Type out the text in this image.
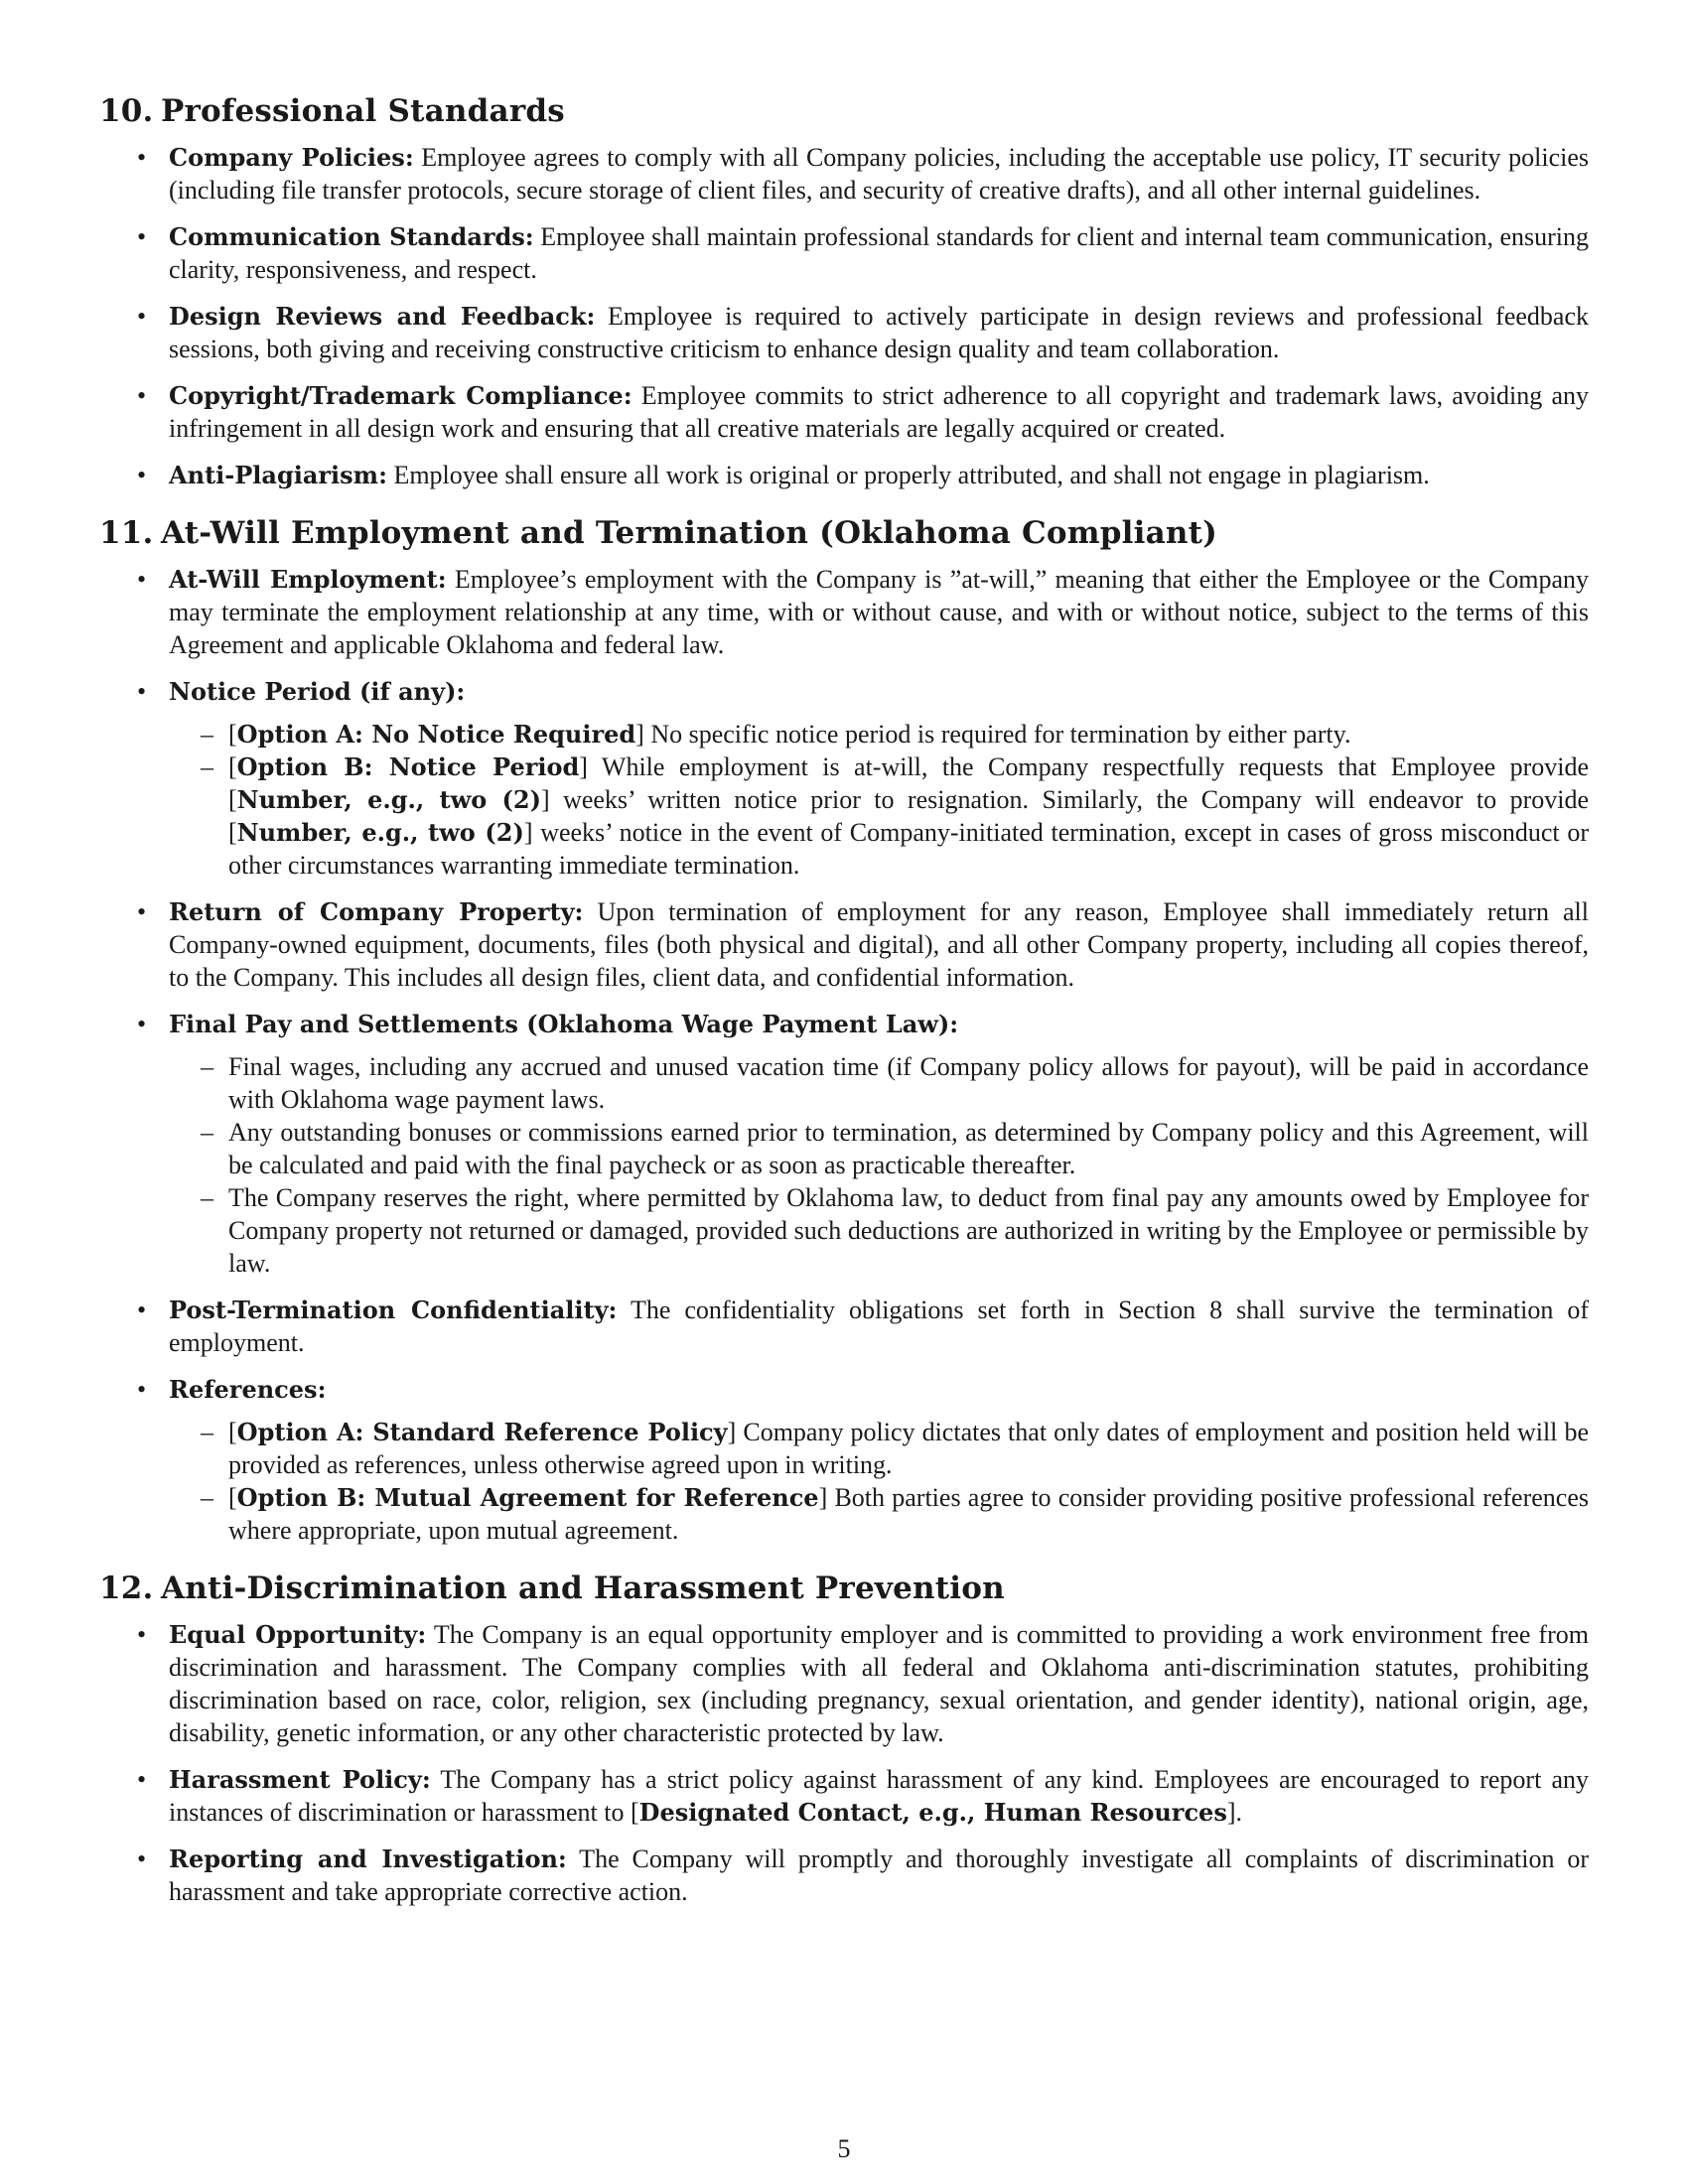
10. Professional Standards
• Company Policies: Employee agrees to comply with all Company policies, including the acceptable use policy, IT security policies (including file transfer protocols, secure storage of client files, and security of creative drafts), and all other internal guidelines.
• Communication Standards: Employee shall maintain professional standards for client and internal team communication, ensuring clarity, responsiveness, and respect.
• Design Reviews and Feedback: Employee is required to actively participate in design reviews and professional feedback sessions, both giving and receiving constructive criticism to enhance design quality and team collaboration.
• Copyright/Trademark Compliance: Employee commits to strict adherence to all copyright and trademark laws, avoiding any infringement in all design work and ensuring that all creative materials are legally acquired or created.
• Anti-Plagiarism: Employee shall ensure all work is original or properly attributed, and shall not engage in plagiarism.
11. At-Will Employment and Termination (Oklahoma Compliant)
• At-Will Employment: Employee’s employment with the Company is ”at-will,” meaning that either the Employee or the Company may terminate the employment relationship at any time, with or without cause, and with or without notice, subject to the terms of this Agreement and applicable Oklahoma and federal law.
• Notice Period (if any):
– [Option A: No Notice Required] No specific notice period is required for termination by either party.
– [Option B: Notice Period] While employment is at-will, the Company respectfully requests that Employee provide [Number, e.g., two (2)] weeks’ written notice prior to resignation. Similarly, the Company will endeavor to provide [Number, e.g., two (2)] weeks’ notice in the event of Company-initiated termination, except in cases of gross misconduct or other circumstances warranting immediate termination.
• Return of Company Property: Upon termination of employment for any reason, Employee shall immediately return all Company-owned equipment, documents, files (both physical and digital), and all other Company property, including all copies thereof, to the Company. This includes all design files, client data, and confidential information.
• Final Pay and Settlements (Oklahoma Wage Payment Law):
– Final wages, including any accrued and unused vacation time (if Company policy allows for payout), will be paid in accordance with Oklahoma wage payment laws.
– Any outstanding bonuses or commissions earned prior to termination, as determined by Company policy and this Agreement, will be calculated and paid with the final paycheck or as soon as practicable thereafter.
– The Company reserves the right, where permitted by Oklahoma law, to deduct from final pay any amounts owed by Employee for Company property not returned or damaged, provided such deductions are authorized in writing by the Employee or permissible by law.
• Post-Termination Confidentiality: The confidentiality obligations set forth in Section 8 shall survive the termination of employment.
• References:
– [Option A: Standard Reference Policy] Company policy dictates that only dates of employment and position held will be provided as references, unless otherwise agreed upon in writing.
– [Option B: Mutual Agreement for Reference] Both parties agree to consider providing positive professional references where appropriate, upon mutual agreement.
12. Anti-Discrimination and Harassment Prevention
• Equal Opportunity: The Company is an equal opportunity employer and is committed to providing a work environment free from discrimination and harassment. The Company complies with all federal and Oklahoma anti-discrimination statutes, prohibiting discrimination based on race, color, religion, sex (including pregnancy, sexual orientation, and gender identity), national origin, age, disability, genetic information, or any other characteristic protected by law.
• Harassment Policy: The Company has a strict policy against harassment of any kind. Employees are encouraged to report any instances of discrimination or harassment to [Designated Contact, e.g., Human Resources].
• Reporting and Investigation: The Company will promptly and thoroughly investigate all complaints of discrimination or harassment and take appropriate corrective action.
5
